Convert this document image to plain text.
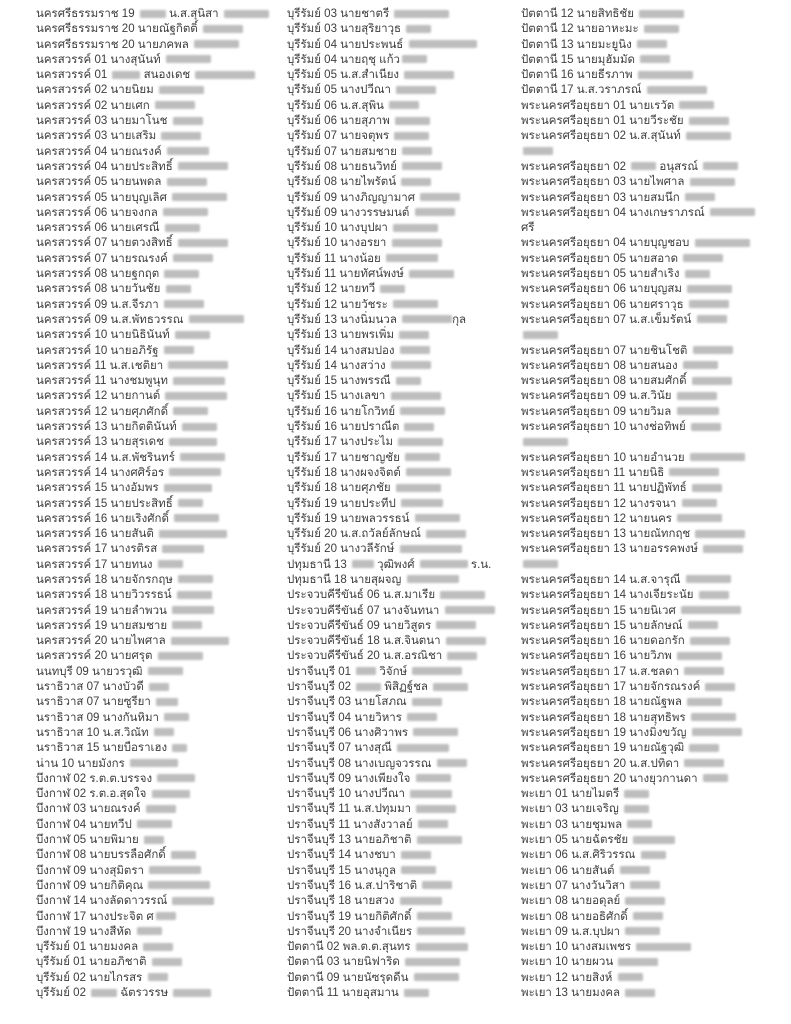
นครศรีธรรมราช 19  น.ส.สุนิสา
นครศรีธรรมราช 20 นายณัฐกิตติ์
นครศรีธรรมราช 20 นายภคพล
นครสวรรค์ 01 นางสุนันท์
นครสวรรค์ 01	สนองเดช
นครสวรรค์ 02 นายนิยม
นครสวรรค์ 02 นายเศก
นครสวรรค์ 03 นายมาโนช
นครสวรรค์ 03 นายเสริม
นครสวรรค์ 04 นายณรงค์
นครสวรรค์ 04 นายประสิทธิ์
นครสวรรค์ 05 นายนพดล
นครสวรรค์ 05 นายบุญเลิศ
นครสวรรค์ 06 นายจงกล
นครสวรรค์ 06 นายเศรณี
นครสวรรค์ 07 นายตวงสิทธิ์
นครสวรรค์ 07 นายรณรงค์
นครสวรรค์ 08 นายฐกฤต
นครสวรรค์ 08 นายวันชัย
นครสวรรค์ 09 น.ส.จีรภา
นครสวรรค์ 09 น.ส.พัทธวรรณ
นครสวรรค์ 10 นายนิธินันท์
นครสวรรค์ 10 นายอภิรัฐ
นครสวรรค์ 11 น.ส.เชติยา
นครสวรรค์ 11 นางชมพูนุท
นครสวรรค์ 12 นายกานต์
นครสวรรค์ 12 นายศุภศักดิ์
นครสวรรค์ 13 นายกิตตินันท์
นครสวรรค์ 13 นายสุรเดช
นครสวรรค์ 14 น.ส.พัชรินทร์
นครสวรรค์ 14 นางศศิร์อร
นครสวรรค์ 15 นางอัมพร
นครสวรรค์ 15 นายประสิทธิ์
นครสวรรค์ 16 นายเริงศักดิ์
นครสวรรค์ 16 นายสันติ
นครสวรรค์ 17 นางรติรส
นครสวรรค์ 17 นายทนง
นครสวรรค์ 18 นายจักรกฤษ
นครสวรรค์ 18 นายวิวรรธน์
นครสวรรค์ 19 นายลำพวน
นครสวรรค์ 19 นายสมชาย
นครสวรรค์ 20 นายไพศาล
นครสวรรค์ 20 นายศรุต
นนทบุรี 09 นายวรวุฒิ
นราธิวาส 07 นางบัวดี
นราธิวาส 07 นายซูรียา
นราธิวาส 09 นางกันหิมา
นราธิวาส 10 น.ส.วิณัท
นราธิวาส 15 นายบือราเฮง
น่าน 10 นายมังกร
บึงกาฬ 02 ร.ต.ต.บรรจง
บึงกาฬ 02 ร.ต.อ.สุดใจ
บึงกาฬ 03 นายณรงค์
บึงกาฬ 04 นายทวีป
บึงกาฬ 05 นายพิมาย
บึงกาฬ 08 นายบรรลือศักดิ์
บึงกาฬ 09 นางสุมิตรา
บึงกาฬ 09 นายกิติคุณ
บึงกาฬ 14 นางลัดดาวรรณ์
บึงกาฬ 17 นางประจิต ศ
บึงกาฬ 19 นางสีหัด
บุรีรัมย์ 01 นายมงคล
บุรีรัมย์ 01 นายอภิชาติ
บุรีรัมย์ 02 นายไกรสร
บุรีรัมย์ 02  ฉัตรวรรษ
บุรีรัมย์ 03 นายชาตรี
บุรีรัมย์ 03 นายสุริยาวุธ
บุรีรัมย์ 04 นายประพนธ์
บุรีรัมย์ 04 นายฤชุ แก้ว
บุรีรัมย์ 05 น.ส.สำเนียง
บุรีรัมย์ 05 นางปวีณา
บุรีรัมย์ 06 น.ส.สุพิน
บุรีรัมย์ 06 นายสุภาพ
บุรีรัมย์ 07 นายจตุพร
บุรีรัมย์ 07 นายสมชาย
บุรีรัมย์ 08 นายธนวิทย์
บุรีรัมย์ 08 นายไพรัตน์
บุรีรัมย์ 09 นางภิญญามาศ
บุรีรัมย์ 09 นางวรรษมนต์
บุรีรัมย์ 10 นางบุปผา
บุรีรัมย์ 10 นางอรยา
บุรีรัมย์ 11 นางน้อย
บุรีรัมย์ 11 นายทัศน์พงษ์
บุรีรัมย์ 12 นายทวี
บุรีรัมย์ 12 นายวัชระ
บุรีรัมย์ 13 นางนิ่มนวล	กุล
บุรีรัมย์ 13 นายพรเพิ่ม
บุรีรัมย์ 14 นางสมปอง
บุรีรัมย์ 14 นางสว่าง
บุรีรัมย์ 15 นางพรรณี
บุรีรัมย์ 15 นางเลขา
บุรีรัมย์ 16 นายโกวิทย์
บุรีรัมย์ 16 นายปราณีต
บุรีรัมย์ 17 นางประไม
บุรีรัมย์ 17 นายชาญชัย
บุรีรัมย์ 18 นางผจงจิตต์
บุรีรัมย์ 18 นายศุภชัย
บุรีรัมย์ 19 นายประทีป
บุรีรัมย์ 19 นายพลวรรธน์
บุรีรัมย์ 20 น.ส.ถวัลย์ลักษณ์
บุรีรัมย์ 20 นางวลีรักษ์
ปทุมธานี 13  วุฒิพงศ์	ร.น.
ปทุมธานี 18 นายสุผจญ
ประจวบคีรีขันธ์ 06 น.ส.มาเรีย
ประจวบคีรีขันธ์ 07 นางจันทนา
ประจวบคีรีขันธ์ 09 นายวิสูตร
ประจวบคีรีขันธ์ 18 น.ส.จินตนา
ประจวบคีรีขันธ์ 20 น.ส.อรณิชา
ปราจีนบุรี 01  วิจักษ์
ปราจีนบุรี 02  พิสิฏฐ์ชล
ปราจีนบุรี 03 นายโสภณ
ปราจีนบุรี 04 นายวิหาร
ปราจีนบุรี 06 นางศิวาพร
ปราจีนบุรี 07 นางสุณี
ปราจีนบุรี 08 นางเบญจวรรณ
ปราจีนบุรี 09 นางเพียงใจ
ปราจีนบุรี 10 นางปวีณา
ปราจีนบุรี 11 น.ส.ปทุมมา
ปราจีนบุรี 11 นางสังวาลย์
ปราจีนบุรี 13 นายอภิชาติ
ปราจีนบุรี 14 นางชบา
ปราจีนบุรี 15 นางนุกูล
ปราจีนบุรี 16 น.ส.ปาริชาติ
ปราจีนบุรี 18 นายสวง
ปราจีนบุรี 19 นายกิติศักดิ์
ปราจีนบุรี 20 นางจำเนียร
ปัตตานี 02 พล.ต.ต.สุนทร
ปัตตานี 03 นายนิฟาริด
ปัตตานี 09 นายนัซรุดดีน
ปัตตานี 11 นายอุสมาน
ปัตตานี 12 นายสิทธิชัย
ปัตตานี 12 นายอาหะมะ
ปัตตานี 13 นายมะยูนิง
ปัตตานี 15 นายมุฮัมมัด
ปัตตานี 16 นายธีรภาพ
ปัตตานี 17 น.ส.วราภรณ์
พระนครศรีอยุธยา 01 นายเรวัต
พระนครศรีอยุธยา 01 นายวีระชัย
พระนครศรีอยุธยา 02 น.ส.สุนันท์
พระนครศรีอยุธยา 02  อนุสรณ์
พระนครศรีอยุธยา 03 นายไพศาล
พระนครศรีอยุธยา 03 นายสมนึก
พระนครศรีอยุธยา 04 นางเกษราภรณ์
ศรี
พระนครศรีอยุธยา 04 นายบุญชอบ
พระนครศรีอยุธยา 05 นายสอาด
พระนครศรีอยุธยา 05 นายสำเริง
พระนครศรีอยุธยา 06 นายบุญสม
พระนครศรีอยุธยา 06 นายศราวุธ
พระนครศรีอยุธยา 07 น.ส.เข็มรัตน์
พระนครศรีอยุธยา 07 นายชินโชติ
พระนครศรีอยุธยา 08 นายสนอง
พระนครศรีอยุธยา 08 นายสมศักดิ์
พระนครศรีอยุธยา 09 น.ส.วินัย
พระนครศรีอยุธยา 09 นายวิมล
พระนครศรีอยุธยา 10 นางช่อทิพย์
พระนครศรีอยุธยา 10 นายอำนวย
พระนครศรีอยุธยา 11 นายนิธิ
พระนครศรีอยุธยา 11 นายปฏิพัทธ์
พระนครศรีอยุธยา 12 นางรจนา
พระนครศรีอยุธยา 12 นายนคร
พระนครศรีอยุธยา 13 นายณัทกฤช
พระนครศรีอยุธยา 13 นายอรรคพงษ์
พระนครศรีอยุธยา 14 น.ส.จารุณี
พระนครศรีอยุธยา 14 นางเจียระนัย
พระนครศรีอยุธยา 15 นายนิเวศ
พระนครศรีอยุธยา 15 นายลักษณ์
พระนครศรีอยุธยา 16 นายดอกรัก
พระนครศรีอยุธยา 16 นายวิภพ
พระนครศรีอยุธยา 17 น.ส.ชลดา
พระนครศรีอยุธยา 17 นายจักรณรงค์
พระนครศรีอยุธยา 18 นายณัฐพล
พระนครศรีอยุธยา 18 นายสุทธิพร
พระนครศรีอยุธยา 19 นางมิ่งขวัญ
พระนครศรีอยุธยา 19 นายณัฐวุฒิ
พระนครศรีอยุธยา 20 น.ส.ปทิดา
พระนครศรีอยุธยา 20 นางยุวกานดา
พะเยา 01 นายไมตรี
พะเยา 03 นายเจริญ
พะเยา 03 นายชุมพล
พะเยา 05 นายฉัตรชัย
พะเยา 06 น.ส.ศิริวรรณ
พะเยา 06 นายสันต์
พะเยา 07 นางวันวิสา
พะเยา 08 นายอดุลย์
พะเยา 08 นายอธิศักดิ์
พะเยา 09 น.ส.บุปผา
พะเยา 10 นางสมเพชร
พะเยา 10 นายผวน
พะเยา 12 นายสิงห์
พะเยา 13 นายมงคล
